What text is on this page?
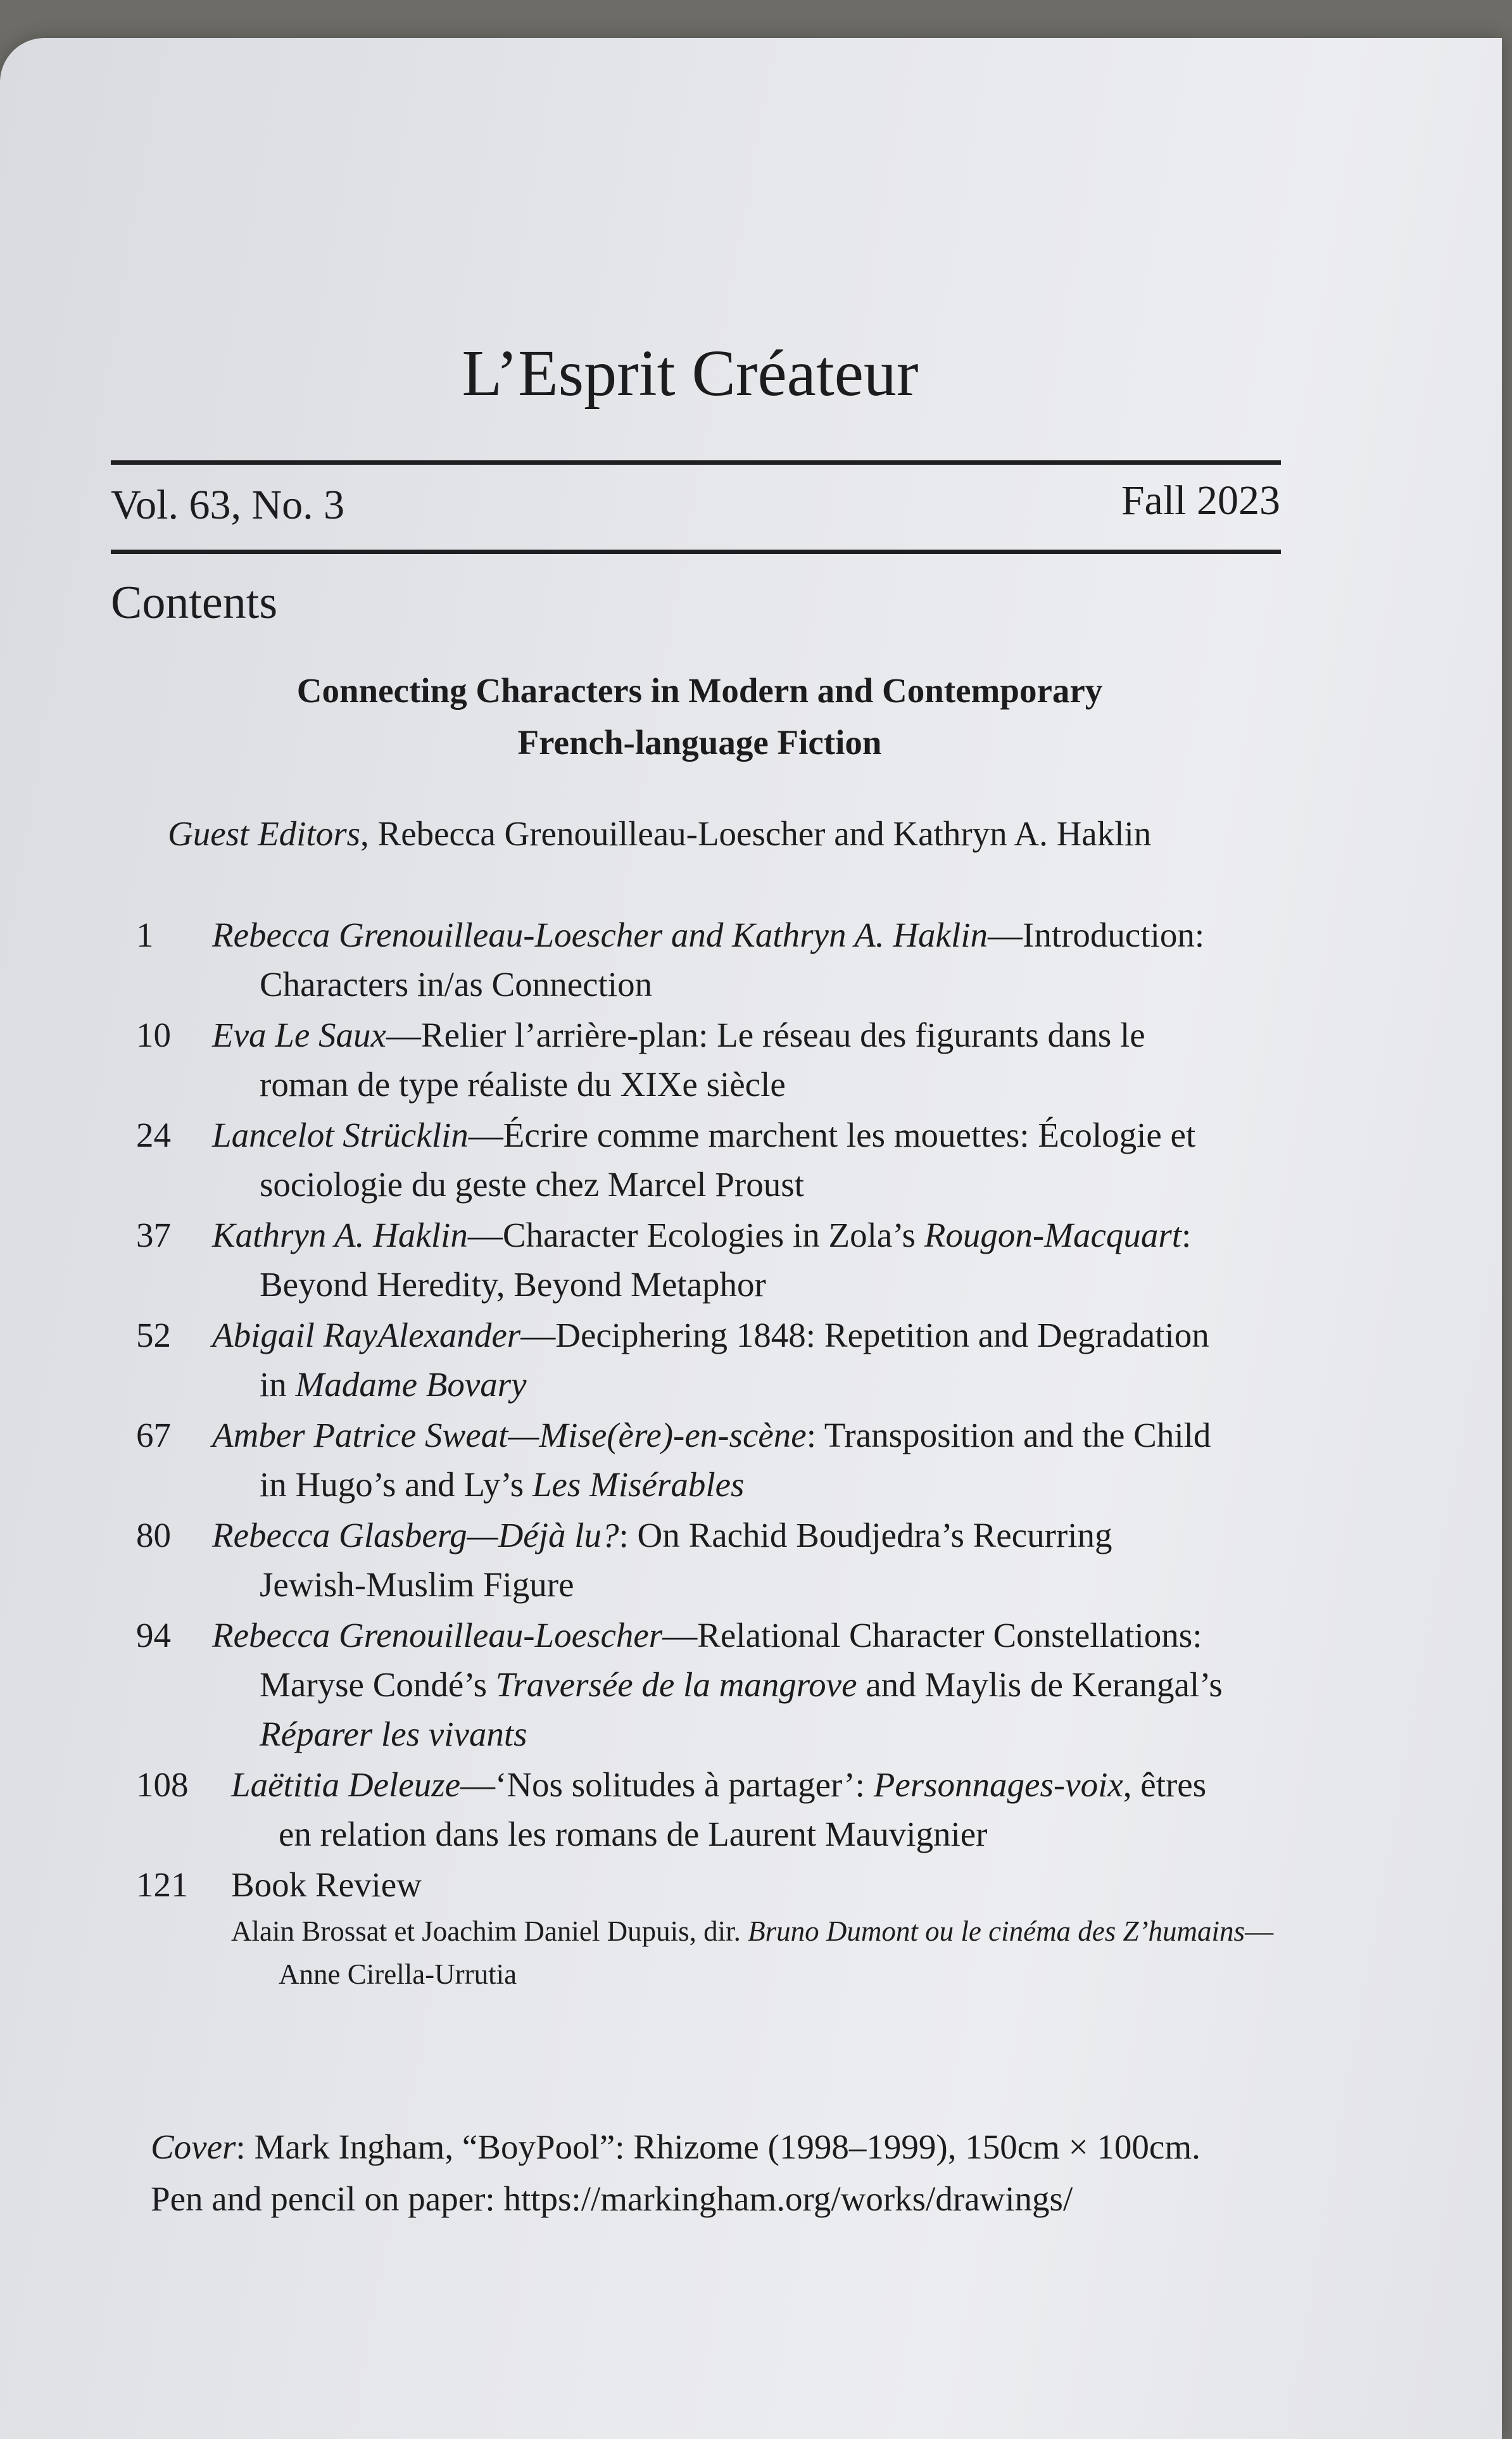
L’Esprit Créateur
Vol. 63, No. 3	Fall 2023
Contents
Connecting Characters in Modern and Contemporary
French-language Fiction
Guest Editors, Rebecca Grenouilleau-Loescher and Kathryn A. Haklin
1	Rebecca Grenouilleau-Loescher and Kathryn A. Haklin—Introduction:
Characters in/as Connection
10	Eva Le Saux—Relier l’arrière-plan: Le réseau des figurants dans le
roman de type réaliste du XIXe siècle
24	Lancelot Strücklin—Écrire comme marchent les mouettes: Écologie et
sociologie du geste chez Marcel Proust
37	Kathryn A. Haklin—Character Ecologies in Zola’s Rougon-Macquart:
Beyond Heredity, Beyond Metaphor
52	Abigail RayAlexander—Deciphering 1848: Repetition and Degradation
in Madame Bovary
67	Amber Patrice Sweat—Mise(ère)-en-scène: Transposition and the Child
in Hugo’s and Ly’s Les Misérables
80	Rebecca Glasberg—Déjà lu?: On Rachid Boudjedra’s Recurring
Jewish-Muslim Figure
94	Rebecca Grenouilleau-Loescher—Relational Character Constellations:
Maryse Condé’s Traversée de la mangrove and Maylis de Kerangal’s
Réparer les vivants
108	Laëtitia Deleuze—‘Nos solitudes à partager’: Personnages-voix, êtres
en relation dans les romans de Laurent Mauvignier
121	Book Review
Alain Brossat et Joachim Daniel Dupuis, dir. Bruno Dumont ou le cinéma des Z’humains—
Anne Cirella-Urrutia
Cover: Mark Ingham, “BoyPool”: Rhizome (1998–1999), 150cm × 100cm.
Pen and pencil on paper: https://markingham.org/works/drawings/
